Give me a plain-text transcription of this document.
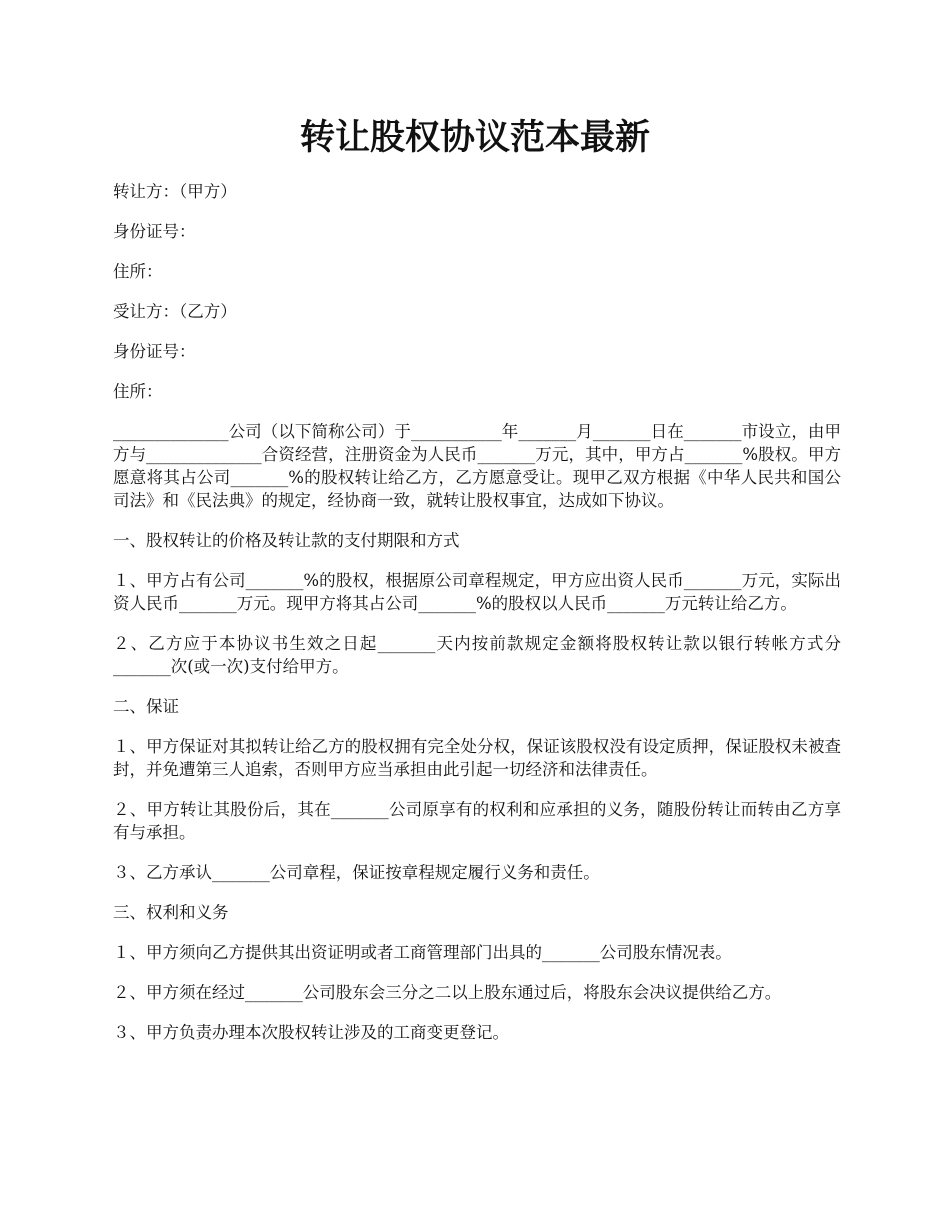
转让股权协议范本最新

转让方：（甲方）

身份证号：

住所：

受让方：（乙方）

身份证号：

住所：

______________公司（以下简称公司）于___________年_______月_______日在_______市设立，由甲方与______________合资经营，注册资金为人民币_______万元，其中，甲方占_______%股权。甲方愿意将其占公司_______%的股权转让给乙方，乙方愿意受让。现甲乙双方根据《中华人民共和国公司法》和《民法典》的规定，经协商一致，就转让股权事宜，达成如下协议。

一、股权转让的价格及转让款的支付期限和方式

１、甲方占有公司_______%的股权，根据原公司章程规定，甲方应出资人民币_______万元，实际出资人民币_______万元。现甲方将其占公司_______%的股权以人民币_______万元转让给乙方。

２、乙方应于本协议书生效之日起_______天内按前款规定金额将股权转让款以银行转帐方式分_______次(或一次)支付给甲方。

二、保证

１、甲方保证对其拟转让给乙方的股权拥有完全处分权，保证该股权没有设定质押，保证股权未被查封，并免遭第三人追索，否则甲方应当承担由此引起一切经济和法律责任。

２、甲方转让其股份后，其在_______公司原享有的权利和应承担的义务，随股份转让而转由乙方享有与承担。

３、乙方承认_______公司章程，保证按章程规定履行义务和责任。

三、权利和义务

１、甲方须向乙方提供其出资证明或者工商管理部门出具的_______公司股东情况表。

２、甲方须在经过_______公司股东会三分之二以上股东通过后，将股东会决议提供给乙方。

３、甲方负责办理本次股权转让涉及的工商变更登记。
